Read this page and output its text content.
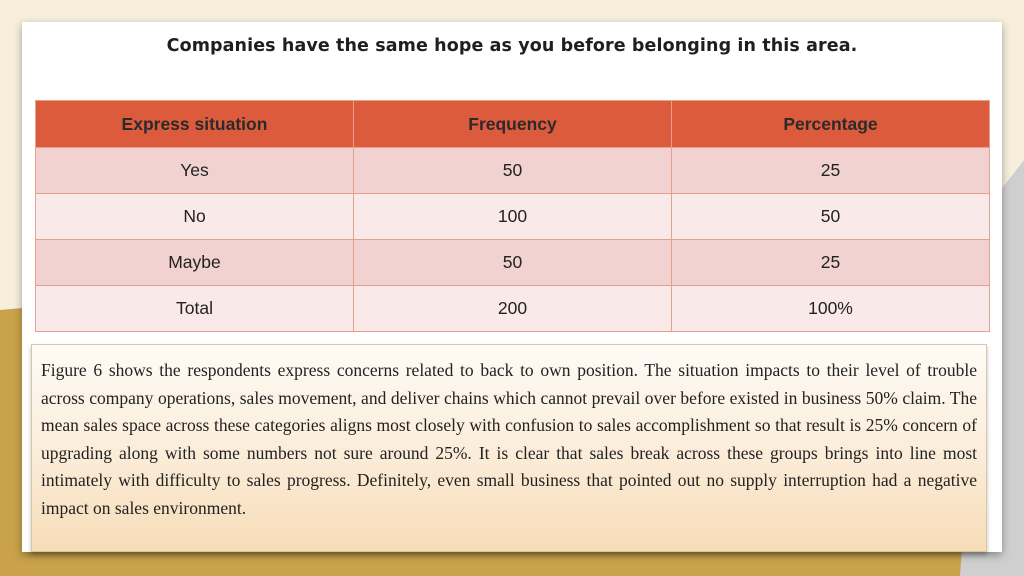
Companies have the same hope as you before belonging in this area.
Express situation	Frequency	Percentage
Yes	50	25
No	100	50
Maybe	50	25
Total	200	100%

Figure 6 shows the respondents express concerns related to back to own position. The situation impacts to their level of trouble across company operations, sales movement, and deliver chains which cannot prevail over before existed in business 50% claim. The mean sales space across these categories aligns most closely with confusion to sales accomplishment so that result is 25% concern of upgrading along with some numbers not sure around 25%. It is clear that sales break across these groups brings into line most intimately with difficulty to sales progress. Definitely, even small business that pointed out no supply interruption had a negative impact on sales environment.
